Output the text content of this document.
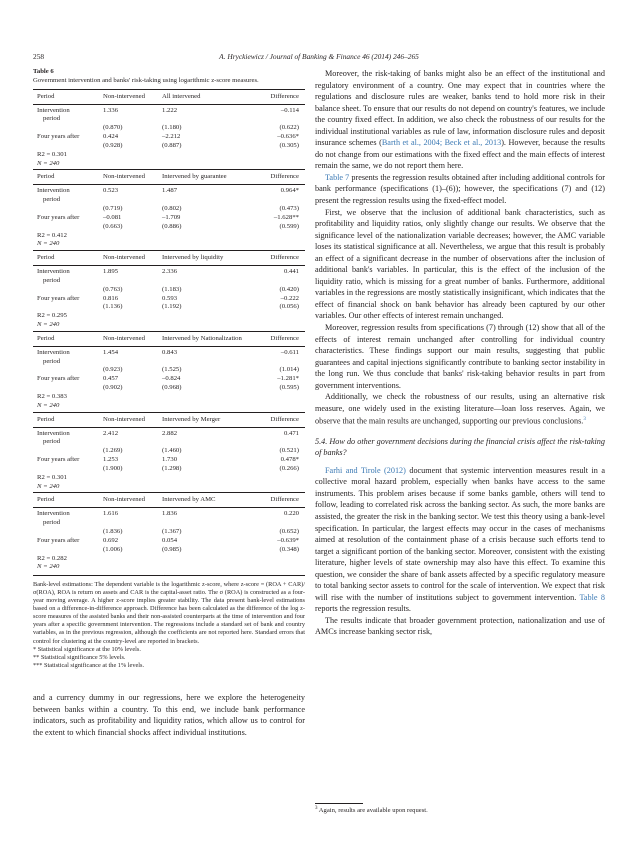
258	A. Hryckiewicz / Journal of Banking & Finance 46 (2014) 246–265
Table 6
Government intervention and banks' risk-taking using logarithmic z-score measures.
Period	Non-intervened	All intervened	Difference
Intervention	1.336	1.222	–0.114
period
(0.870)	(1.180)	(0.622)
Four years after	0.424	–2.212	–0.636*
(0.928)	(0.887)	(0.305)
R2 = 0.301
N = 240
Period	Non-intervened	Intervened by guarantee	Difference
Intervention	0.523	1.487	0.964*
period
(0.719)	(0.802)	(0.473)
Four years after	–0.081	–1.709	–1.628**
(0.663)	(0.886)	(0.599)
R2 = 0.412
N = 240
Period	Non-intervened	Intervened by liquidity	Difference
Intervention	1.895	2.336	0.441
period
(0.763)	(1.183)	(0.420)
Four years after	0.816	0.593	–0.222
(1.136)	(1.192)	(0.056)
R2 = 0.295
N = 240
Period	Non-intervened	Intervened by Nationalization	Difference
Intervention	1.454	0.843	–0.611
period
(0.923)	(1.525)	(1.014)
Four years after	0.457	–0.824	–1.281*
(0.902)	(0.968)	(0.595)
R2 = 0.383
N = 240
Period	Non-intervened	Intervened by Merger	Difference
Intervention	2.412	2.882	0.471
period
(1.269)	(1.460)	(0.521)
Four years after	1.253	1.730	0.478*
(1.900)	(1.298)	(0.266)
R2 = 0.301
N = 240
Period	Non-intervened	Intervened by AMC	Difference
Intervention	1.616	1.836	0.220
period
(1.836)	(1.367)	(0.652)
Four years after	0.692	0.054	–0.639*
(1.006)	(0.985)	(0.348)
R2 = 0.282
N = 240
Bank-level estimations: The dependent variable is the logarithmic z-score, where z-score = (ROA + CAR)/σ(ROA), ROA is return on assets and CAR is the capital-asset ratio. The σ (ROA) is constructed as a four-year moving average. A higher z-score implies greater stability. The data present bank-level estimations based on a difference-in-difference approach. Difference has been calculated as the difference of the log z-score measures of the assisted banks and their non-assisted counterparts at the time of intervention and four years after a specific government intervention. The regressions include a standard set of bank and country variables, as in the previous regression, although the coefficients are not reported here. Standard errors that control for clustering at the country-level are reported in brackets.
* Statistical significance at the 10% levels.
** Statistical significance 5% levels.
*** Statistical significance at the 1% levels.

and a currency dummy in our regressions, here we explore the heterogeneity between banks within a country. To this end, we include bank performance indicators, such as profitability and liquidity ratios, which allow us to control for the extent to which financial shocks affect individual institutions.

Moreover, the risk-taking of banks might also be an effect of the institutional and regulatory environment of a country. One may expect that in countries where the regulations and disclosure rules are weaker, banks tend to hold more risk in their balance sheet. To ensure that our results do not depend on country's features, we include the country fixed effect. In addition, we also check the robustness of our results for the individual institutional variables as rule of law, information disclosure rules and deposit insurance schemes (Barth et al., 2004; Beck et al., 2013). However, because the results do not change from our estimations with the fixed effect and the main effects of interest remain the same, we do not report them here.

Table 7 presents the regression results obtained after including additional controls for bank performance (specifications (1)–(6)); however, the specifications (7) and (12) present the regression results using the fixed-effect model.

First, we observe that the inclusion of additional bank characteristics, such as profitability and liquidity ratios, only slightly change our results. We observe that the significance level of the nationalization variable decreases; however, the AMC variable loses its statistical significance at all. Nevertheless, we argue that this result is probably an effect of a significant decrease in the number of observations after the inclusion of additional bank's variables. In particular, this is the effect of the inclusion of the liquidity ratio, which is missing for a great number of banks. Furthermore, additional variables in the regressions are mostly statistically insignificant, which indicates that the effect of financial shock on bank behavior has already been captured by our other variables. Our other effects of interest remain unchanged.

Moreover, regression results from specifications (7) through (12) show that all of the effects of interest remain unchanged after controlling for individual country characteristics. These findings support our main results, suggesting that public guarantees and capital injections significantly contribute to banking sector instability in the long run. We thus conclude that banks' risk-taking behavior results in part from government interventions.

Additionally, we check the robustness of our results, using an alternative risk measure, one widely used in the existing literature—loan loss reserves. Again, we observe that the main results are unchanged, supporting our previous conclusions.$^3$

5.4. How do other government decisions during the financial crisis affect the risk-taking of banks?

Farhi and Tirole (2012) document that systemic intervention measures result in a collective moral hazard problem, especially when banks have access to the same instruments. This problem arises because if some banks gamble, others will tend to follow, leading to correlated risk across the banking sector. As such, the more banks are assisted, the greater the risk in the banking sector. We test this theory using a bank-level specification. In particular, the largest effects may occur in the cases of mechanisms aimed at resolution of the containment phase of a crisis because such efforts tend to target a significant portion of the banking sector. Moreover, consistent with the existing literature, higher levels of state ownership may also have this effect. To examine this question, we consider the share of bank assets affected by a specific regulatory measure to total banking sector assets to control for the scale of intervention. We expect that risk will rise with the number of institutions subject to government intervention. Table 8 reports the regression results.

The results indicate that broader government protection, nationalization and use of AMCs increase banking sector risk,

$^3$ Again, results are available upon request.
